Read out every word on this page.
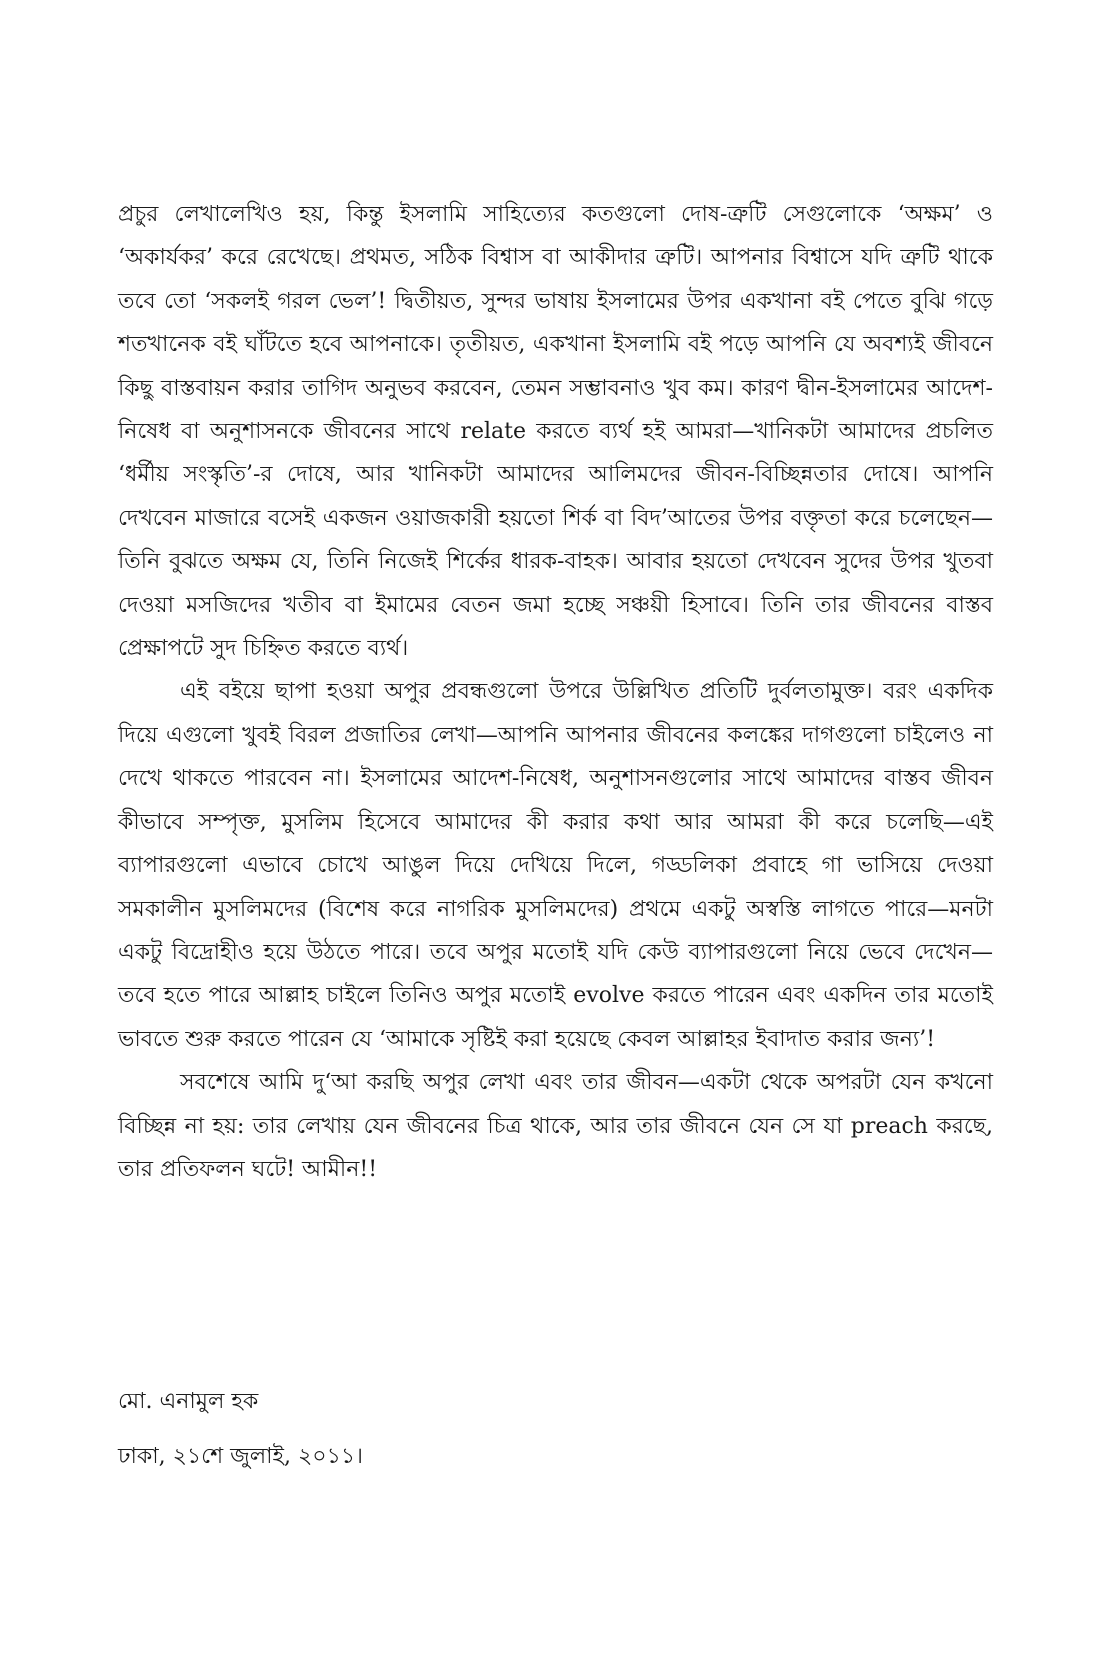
প্রচুর লেখালেখিও হয়, কিন্তু ইসলামি সাহিত্যের কতগুলো দোষ-ত্রুটি সেগুলোকে ‘অক্ষম’ ও ‘অকার্যকর’ করে রেখেছে। প্রথমত, সঠিক বিশ্বাস বা আকীদার ত্রুটি। আপনার বিশ্বাসে যদি ত্রুটি থাকে তবে তো ‘সকলই গরল ভেল’! দ্বিতীয়ত, সুন্দর ভাষায় ইসলামের উপর একখানা বই পেতে বুঝি গড়ে শতখানেক বই ঘাঁটতে হবে আপনাকে। তৃতীয়ত, একখানা ইসলামি বই পড়ে আপনি যে অবশ্যই জীবনে কিছু বাস্তবায়ন করার তাগিদ অনুভব করবেন, তেমন সম্ভাবনাও খুব কম। কারণ দ্বীন-ইসলামের আদেশ-নিষেধ বা অনুশাসনকে জীবনের সাথে relate করতে ব্যর্থ হই আমরা—খানিকটা আমাদের প্রচলিত ‘ধর্মীয় সংস্কৃতি’-র দোষে, আর খানিকটা আমাদের আলিমদের জীবন-বিচ্ছিন্নতার দোষে। আপনি দেখবেন মাজারে বসেই একজন ওয়াজকারী হয়তো শির্ক বা বিদ’আতের উপর বক্তৃতা করে চলেছেন—তিনি বুঝতে অক্ষম যে, তিনি নিজেই শির্কের ধারক-বাহক। আবার হয়তো দেখবেন সুদের উপর খুতবা দেওয়া মসজিদের খতীব বা ইমামের বেতন জমা হচ্ছে সঞ্চয়ী হিসাবে। তিনি তার জীবনের বাস্তব প্রেক্ষাপটে সুদ চিহ্নিত করতে ব্যর্থ।

এই বইয়ে ছাপা হওয়া অপুর প্রবন্ধগুলো উপরে উল্লিখিত প্রতিটি দুর্বলতামুক্ত। বরং একদিক দিয়ে এগুলো খুবই বিরল প্রজাতির লেখা—আপনি আপনার জীবনের কলঙ্কের দাগগুলো চাইলেও না দেখে থাকতে পারবেন না। ইসলামের আদেশ-নিষেধ, অনুশাসনগুলোর সাথে আমাদের বাস্তব জীবন কীভাবে সম্পৃক্ত, মুসলিম হিসেবে আমাদের কী করার কথা আর আমরা কী করে চলেছি—এই ব্যাপারগুলো এভাবে চোখে আঙুল দিয়ে দেখিয়ে দিলে, গড্ডলিকা প্রবাহে গা ভাসিয়ে দেওয়া সমকালীন মুসলিমদের (বিশেষ করে নাগরিক মুসলিমদের) প্রথমে একটু অস্বস্তি লাগতে পারে—মনটা একটু বিদ্রোহীও হয়ে উঠতে পারে। তবে অপুর মতোই যদি কেউ ব্যাপারগুলো নিয়ে ভেবে দেখেন—তবে হতে পারে আল্লাহ চাইলে তিনিও অপুর মতোই evolve করতে পারেন এবং একদিন তার মতোই ভাবতে শুরু করতে পারেন যে ‘আমাকে সৃষ্টিই করা হয়েছে কেবল আল্লাহর ইবাদাত করার জন্য’!

সবশেষে আমি দু‘আ করছি অপুর লেখা এবং তার জীবন—একটা থেকে অপরটা যেন কখনো বিচ্ছিন্ন না হয়: তার লেখায় যেন জীবনের চিত্র থাকে, আর তার জীবনে যেন সে যা preach করছে, তার প্রতিফলন ঘটে! আমীন!!

মো. এনামুল হক

ঢাকা, ২১শে জুলাই, ২০১১।
